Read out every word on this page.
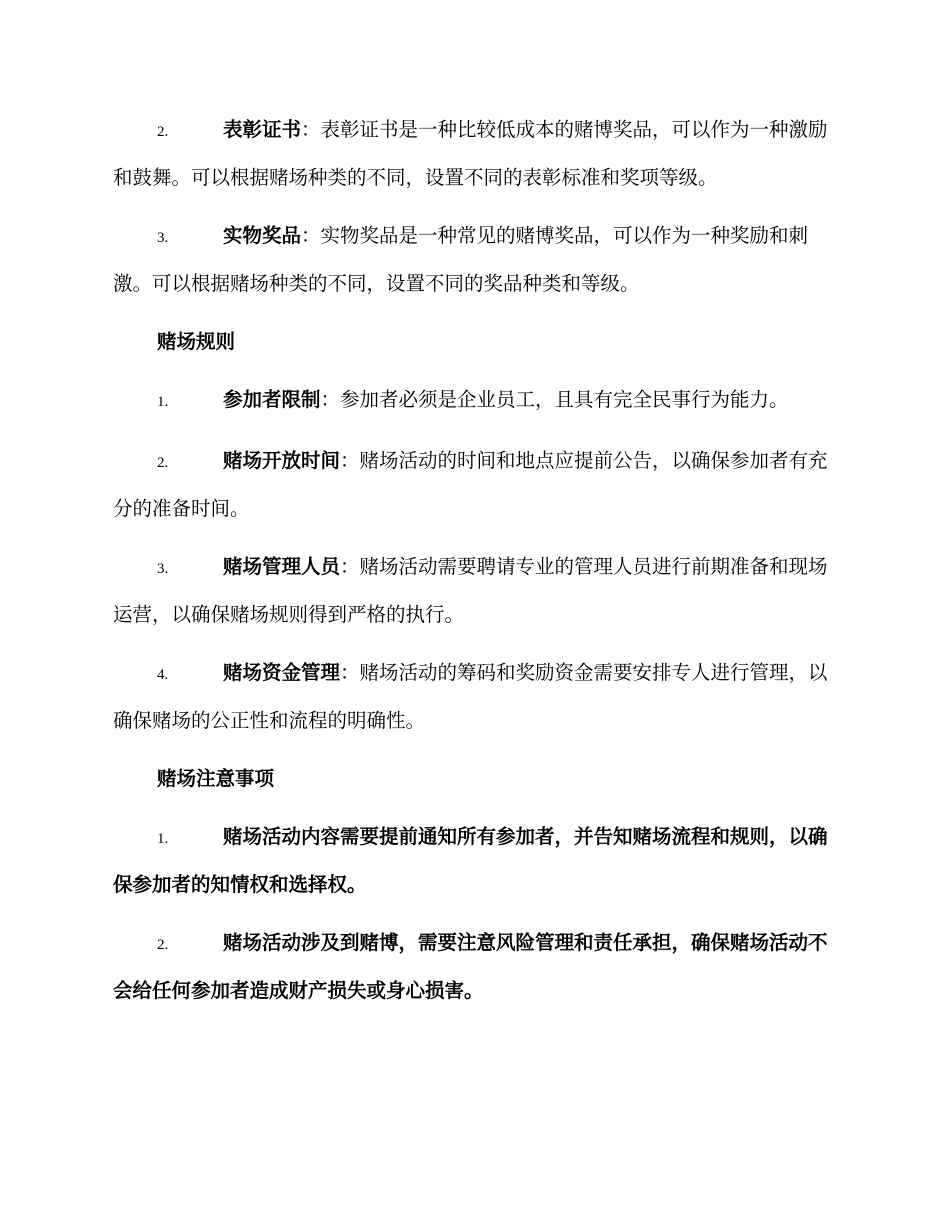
2.	表彰证书：表彰证书是一种比较低成本的赌博奖品，可以作为一种激励和鼓舞。可以根据赌场种类的不同，设置不同的表彰标准和奖项等级。

3.	实物奖品：实物奖品是一种常见的赌博奖品，可以作为一种奖励和刺激。可以根据赌场种类的不同，设置不同的奖品种类和等级。

赌场规则

1.	参加者限制：参加者必须是企业员工，且具有完全民事行为能力。

2.	赌场开放时间：赌场活动的时间和地点应提前公告，以确保参加者有充分的准备时间。

3.	赌场管理人员：赌场活动需要聘请专业的管理人员进行前期准备和现场运营，以确保赌场规则得到严格的执行。

4.	赌场资金管理：赌场活动的筹码和奖励资金需要安排专人进行管理，以确保赌场的公正性和流程的明确性。

赌场注意事项

1.	赌场活动内容需要提前通知所有参加者，并告知赌场流程和规则，以确保参加者的知情权和选择权。

2.	赌场活动涉及到赌博，需要注意风险管理和责任承担，确保赌场活动不会给任何参加者造成财产损失或身心损害。
